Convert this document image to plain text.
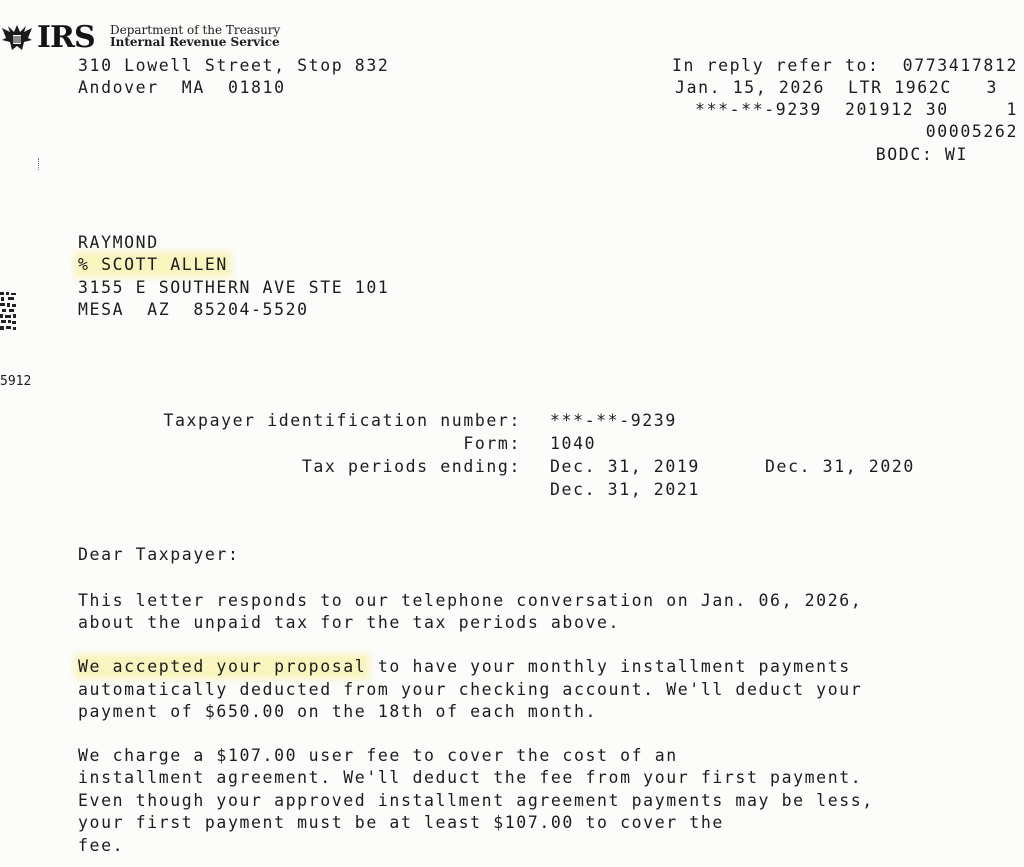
IRS Department of the Treasury
Internal Revenue Service
310 Lowell Street, Stop 832
Andover  MA  01810
In reply refer to:  0773417812
Jan. 15, 2026  LTR 1962C   3
***-**-9239  201912 30     1
00005262
BODC: WI
RAYMOND
% SCOTT ALLEN
3155 E SOUTHERN AVE STE 101
MESA  AZ  85204-5520
5912
Taxpayer identification number: ***-**-9239
Form: 1040
Tax periods ending: Dec. 31, 2019	Dec. 31, 2020
Dec. 31, 2021
Dear Taxpayer:
This letter responds to our telephone conversation on Jan. 06, 2026,
about the unpaid tax for the tax periods above.
We accepted your proposal to have your monthly installment payments
automatically deducted from your checking account. We'll deduct your
payment of $650.00 on the 18th of each month.
We charge a $107.00 user fee to cover the cost of an
installment agreement. We'll deduct the fee from your first payment.
Even though your approved installment agreement payments may be less,
your first payment must be at least $107.00 to cover the
fee.
